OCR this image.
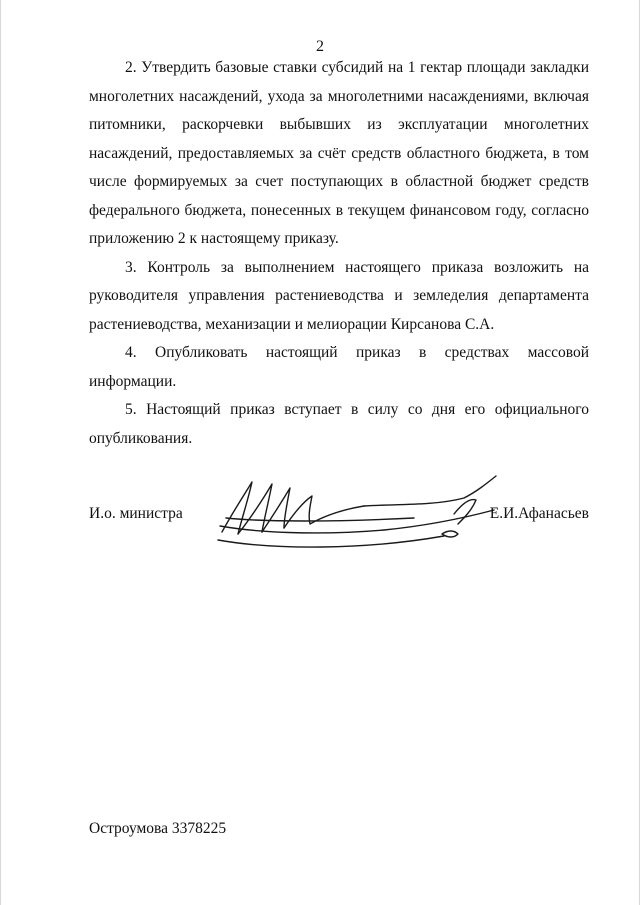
2

2. Утвердить базовые ставки субсидий на 1 гектар площади закладки многолетних насаждений, ухода за многолетними насаждениями, включая питомники, раскорчевки выбывших из эксплуатации многолетних насаждений, предоставляемых за счёт средств областного бюджета, в том числе формируемых за счет поступающих в областной бюджет средств федерального бюджета, понесенных в текущем финансовом году, согласно приложению 2 к настоящему приказу.

3. Контроль за выполнением настоящего приказа возложить на руководителя управления растениеводства и земледелия департамента растениеводства, механизации и мелиорации Кирсанова С.А.

4. Опубликовать настоящий приказ в средствах массовой информации.

5. Настоящий приказ вступает в силу со дня его официального опубликования.

И.о. министра	Е.И.Афанасьев
Остроумова 3378225
